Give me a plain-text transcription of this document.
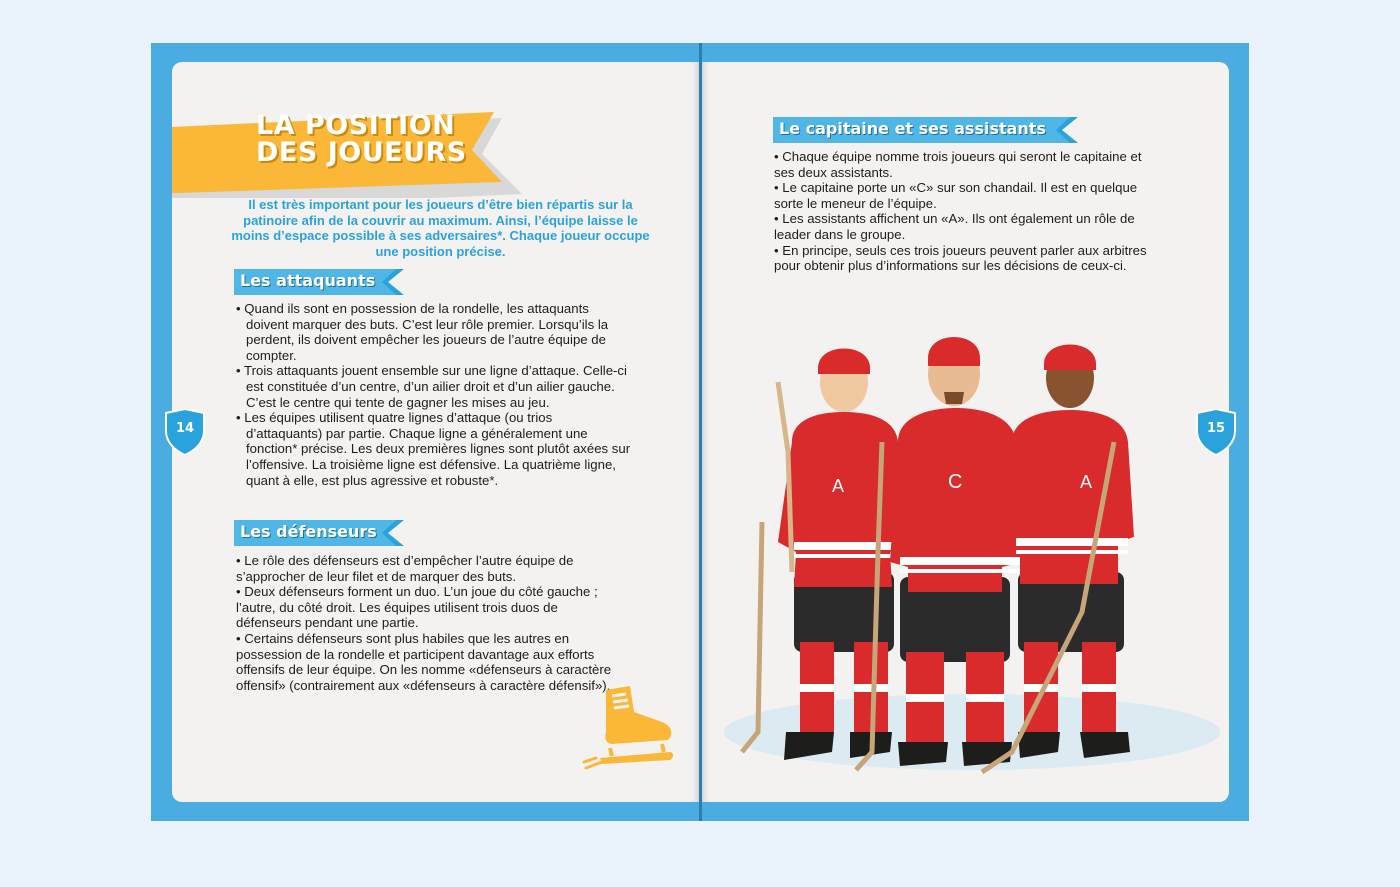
LA POSITION DES JOUEURS
Il est très important pour les joueurs d’être bien répartis sur la patinoire afin de la couvrir au maximum. Ainsi, l’équipe laisse le moins d’espace possible à ses adversaires*. Chaque joueur occupe une position précise.
Les attaquants

• Quand ils sont en possession de la rondelle, les attaquants doivent marquer des buts. C’est leur rôle premier. Lorsqu’ils la perdent, ils doivent empêcher les joueurs de l’autre équipe de compter.

• Trois attaquants jouent ensemble sur une ligne d’attaque. Celle-ci est constituée d’un centre, d’un ailier droit et d’un ailier gauche. C’est le centre qui tente de gagner les mises au jeu.

• Les équipes utilisent quatre lignes d’attaque (ou trios d’attaquants) par partie. Chaque ligne a généralement une fonction* précise. Les deux premières lignes sont plutôt axées sur l’offensive. La troisième ligne est défensive. La quatrième ligne, quant à elle, est plus agressive et robuste*.

Les défenseurs

• Le rôle des défenseurs est d’empêcher l’autre équipe de s’approcher de leur filet et de marquer des buts.

• Deux défenseurs forment un duo. L’un joue du côté gauche ; l’autre, du côté droit. Les équipes utilisent trois duos de défenseurs pendant une partie.

• Certains défenseurs sont plus habiles que les autres en possession de la rondelle et participent davantage aux efforts offensifs de leur équipe. On les nomme «défenseurs à caractère offensif» (contrairement aux «défenseurs à caractère défensif»).

14
Le capitaine et ses assistants

• Chaque équipe nomme trois joueurs qui seront le capitaine et ses deux assistants.

• Le capitaine porte un «C» sur son chandail. Il est en quelque sorte le meneur de l’équipe.

• Les assistants affichent un «A». Ils ont également un rôle de leader dans le groupe.

• En principe, seuls ces trois joueurs peuvent parler aux arbitres pour obtenir plus d’informations sur les décisions de ceux-ci.

A	C	A
15
